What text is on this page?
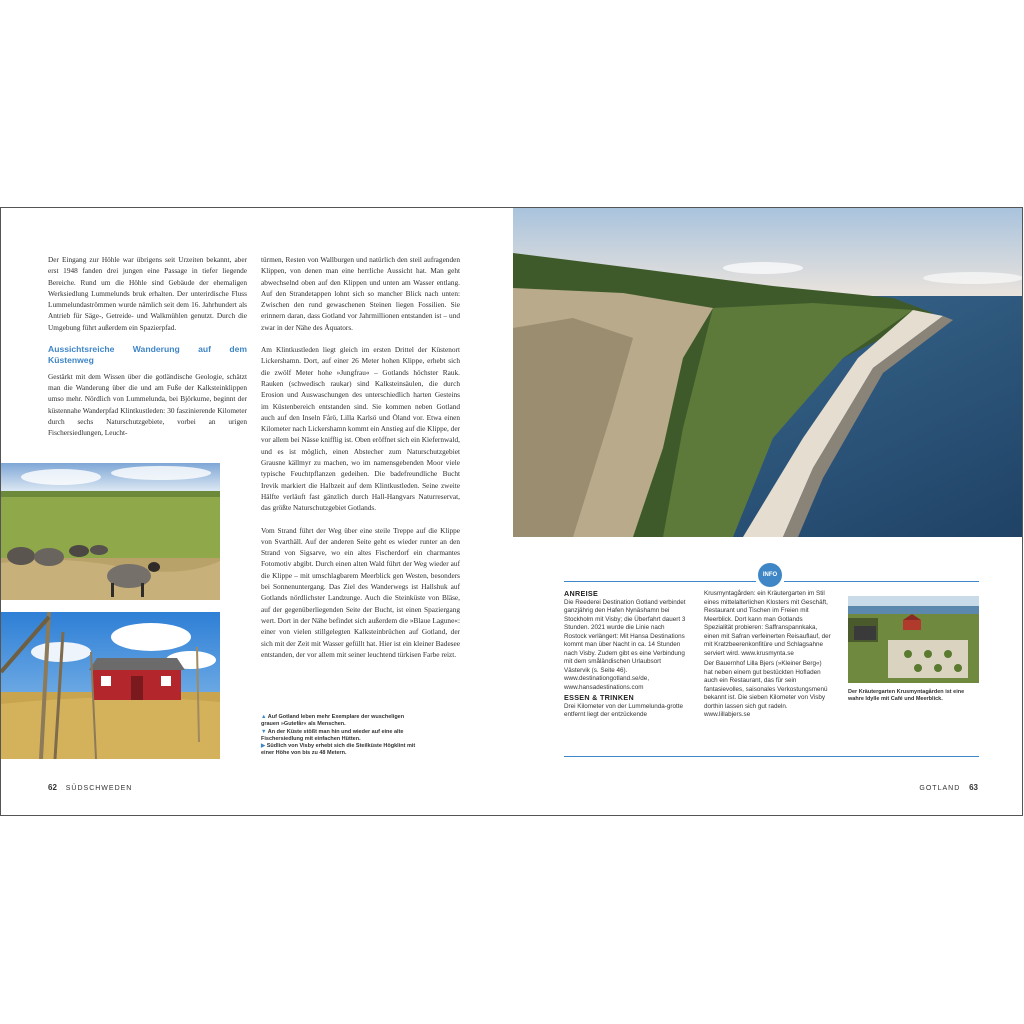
Der Eingang zur Höhle war übrigens seit Urzeiten bekannt, aber erst 1948 fanden drei jungen eine Passage in tiefer liegende Bereiche. Rund um die Höhle sind Gebäude der ehemaligen Werksiedlung Lummelunds bruk erhalten. Der unterirdische Fluss Lummelundaströmmen wurde nämlich seit dem 16. Jahrhundert als Antrieb für Säge-, Getreide- und Walkmühlen genutzt. Durch die Umgebung führt außerdem ein Spazierpfad.

Aussichtsreiche Wanderung auf dem Küstenweg

Gestärkt mit dem Wissen über die gotländische Geologie, schätzt man die Wanderung über die und am Fuße der Kalksteinklippen umso mehr. Nördlich von Lummelunda, bei Björkume, beginnt der küstennahe Wanderpfad Klintkustleden: 30 faszinierende Kilometer durch sechs Naturschutzgebiete, vorbei an urigen Fischersiedlungen, Leucht-

türmen, Resten von Wallburgen und natürlich den steil aufragenden Klippen, von denen man eine herrliche Aussicht hat. Man geht abwechselnd oben auf den Klippen und unten am Wasser entlang. Auf den Strandetappen lohnt sich so mancher Blick nach unten: Zwischen den rund gewaschenen Steinen liegen Fossilien. Sie erinnern daran, dass Gotland vor Jahrmillionen entstanden ist – und zwar in der Nähe des Äquators.

Am Klintkustleden liegt gleich im ersten Drittel der Küstenort Lickershamn. Dort, auf einer 26 Meter hohen Klippe, erhebt sich die zwölf Meter hohe »Jungfrau« – Gotlands höchster Rauk. Rauken (schwedisch raukar) sind Kalksteinsäulen, die durch Erosion und Auswaschungen des unterschiedlich harten Gesteins im Küstenbereich entstanden sind. Sie kommen neben Gotland auch auf den Inseln Fårö, Lilla Karlsö und Öland vor. Etwa einen Kilometer nach Lickershamn kommt ein Anstieg auf die Klippe, der vor allem bei Nässe knifflig ist. Oben eröffnet sich ein Kiefernwald, und es ist möglich, einen Abstecher zum Naturschutzgebiet Grausne källmyr zu machen, wo im namensgebenden Moor viele typische Feuchtpflanzen gedeihen. Die badefreundliche Bucht Irevik markiert die Halbzeit auf dem Klintkustleden. Seine zweite Hälfte verläuft fast gänzlich durch Hall-Hangvars Naturreservat, das größte Naturschutzgebiet Gotlands.

Vom Strand führt der Weg über eine steile Treppe auf die Klippe von Svarthäll. Auf der anderen Seite geht es wieder runter an den Strand von Sigsarve, wo ein altes Fischerdorf ein charmantes Fotomotiv abgibt. Durch einen alten Wald führt der Weg wieder auf die Klippe – mit umschlagbarem Meerblick gen Westen, besonders bei Sonnenuntergang. Das Ziel des Wanderwegs ist Hallshuk auf Gotlands nördlichster Landzunge. Auch die Steinküste von Bläse, auf der gegenüberliegenden Seite der Bucht, ist einen Spaziergang wert. Dort in der Nähe befindet sich außerdem die »Blaue Lagune«: einer von vielen stillgelegten Kalksteinbrüchen auf Gotland, der sich mit der Zeit mit Wasser gefüllt hat. Hier ist ein kleiner Badesee entstanden, der vor allem mit seiner leuchtend türkisen Farbe reizt.

▲ Auf Gotland leben mehr Exemplare der wuscheligen grauen »Gutefår« als Menschen.
▼ An der Küste stößt man hin und wieder auf eine alte Fischersiedlung mit einfachen Hütten.
▶ Südlich von Visby erhebt sich die Steilküste Högklint mit einer Höhe von bis zu 48 Metern.
62 SÜDSCHWEDEN
INFO
ANREISE

Die Reederei Destination Gotland verbindet ganzjährig den Hafen Nynäshamn bei Stockholm mit Visby; die Überfahrt dauert 3 Stunden. 2021 wurde die Linie nach Rostock verlängert: Mit Hansa Destinations kommt man über Nacht in ca. 14 Stunden nach Visby. Zudem gibt es eine Verbindung mit dem småländischen Urlaubsort Västervik (s. Seite 46). www.destinationgotland.se/de, www.hansadestinations.com

ESSEN & TRINKEN

Drei Kilometer von der Lummelunda-grotte entfernt liegt der entzückende

Krusmyntagården: ein Kräutergarten im Stil eines mittelalterlichen Klosters mit Geschäft, Restaurant und Tischen im Freien mit Meerblick. Dort kann man Gotlands Spezialität probieren: Saffranspannkaka, einen mit Safran verfeinerten Reisauflauf, der mit Kratzbeerenkonfitüre und Schlagsahne serviert wird. www.krusmynta.se

Der Bauernhof Lilla Bjers (»Kleiner Berg«) hat neben einem gut bestückten Hofladen auch ein Restaurant, das für sein fantasievolles, saisonales Verkostungsmenü bekannt ist. Die sieben Kilometer von Visby dorthin lassen sich gut radeln. www.lillabjers.se

Der Kräutergarten Krusmyntagården ist eine wahre Idylle mit Café und Meerblick.
GOTLAND 63
